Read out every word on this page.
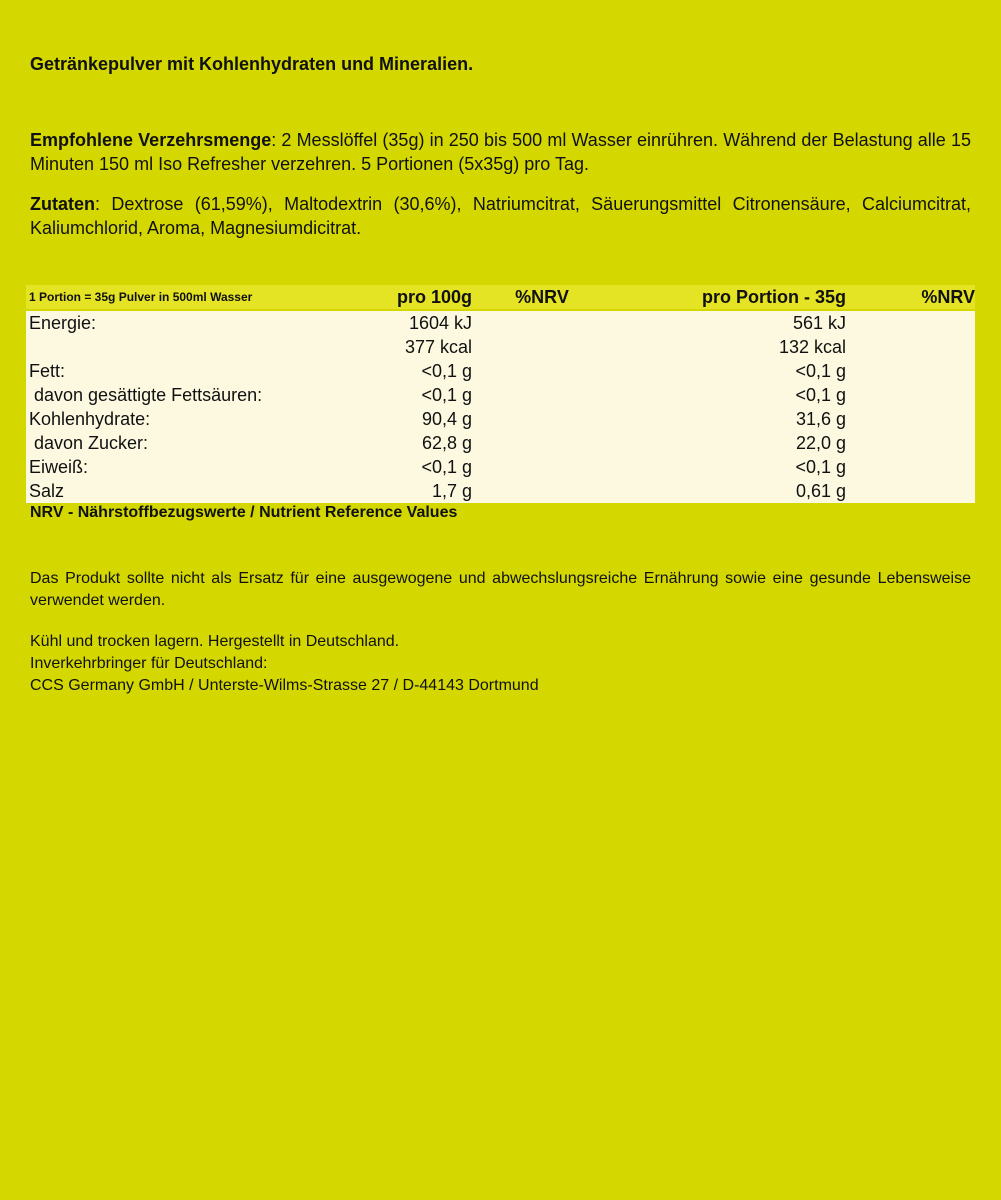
Getränkepulver mit Kohlenhydraten und Mineralien.
Empfohlene Verzehrsmenge: 2 Messlöffel (35g) in 250 bis 500 ml Wasser einrühren. Während der Belastung alle 15 Minuten 150 ml Iso Refresher verzehren. 5 Portionen (5x35g) pro Tag.
Zutaten: Dextrose (61,59%), Maltodextrin (30,6%), Natriumcitrat, Säuerungsmittel Citronensäure, Calciumcitrat, Kaliumchlorid, Aroma, Magnesiumdicitrat.
1 Portion = 35g Pulver in 500ml Wasser	pro 100g	%NRV	pro Portion - 35g	%NRV

Energie:	1604 kJ		561 kJ	
	377 kcal		132 kcal	
Fett:	<0,1 g		<0,1 g	
davon gesättigte Fettsäuren:	<0,1 g		<0,1 g	
Kohlenhydrate:	90,4 g		31,6 g	
davon Zucker:	62,8 g		22,0 g	
Eiweiß:	<0,1 g		<0,1 g	
Salz	1,7 g		0,61 g	
NRV - Nährstoffbezugswerte / Nutrient Reference Values
Das Produkt sollte nicht als Ersatz für eine ausgewogene und abwechslungsreiche Ernährung sowie eine gesunde Lebensweise verwendet werden.
Kühl und trocken lagern. Hergestellt in Deutschland.
Inverkehrbringer für Deutschland:
CCS Germany GmbH / Unterste-Wilms-Strasse 27 / D-44143 Dortmund
